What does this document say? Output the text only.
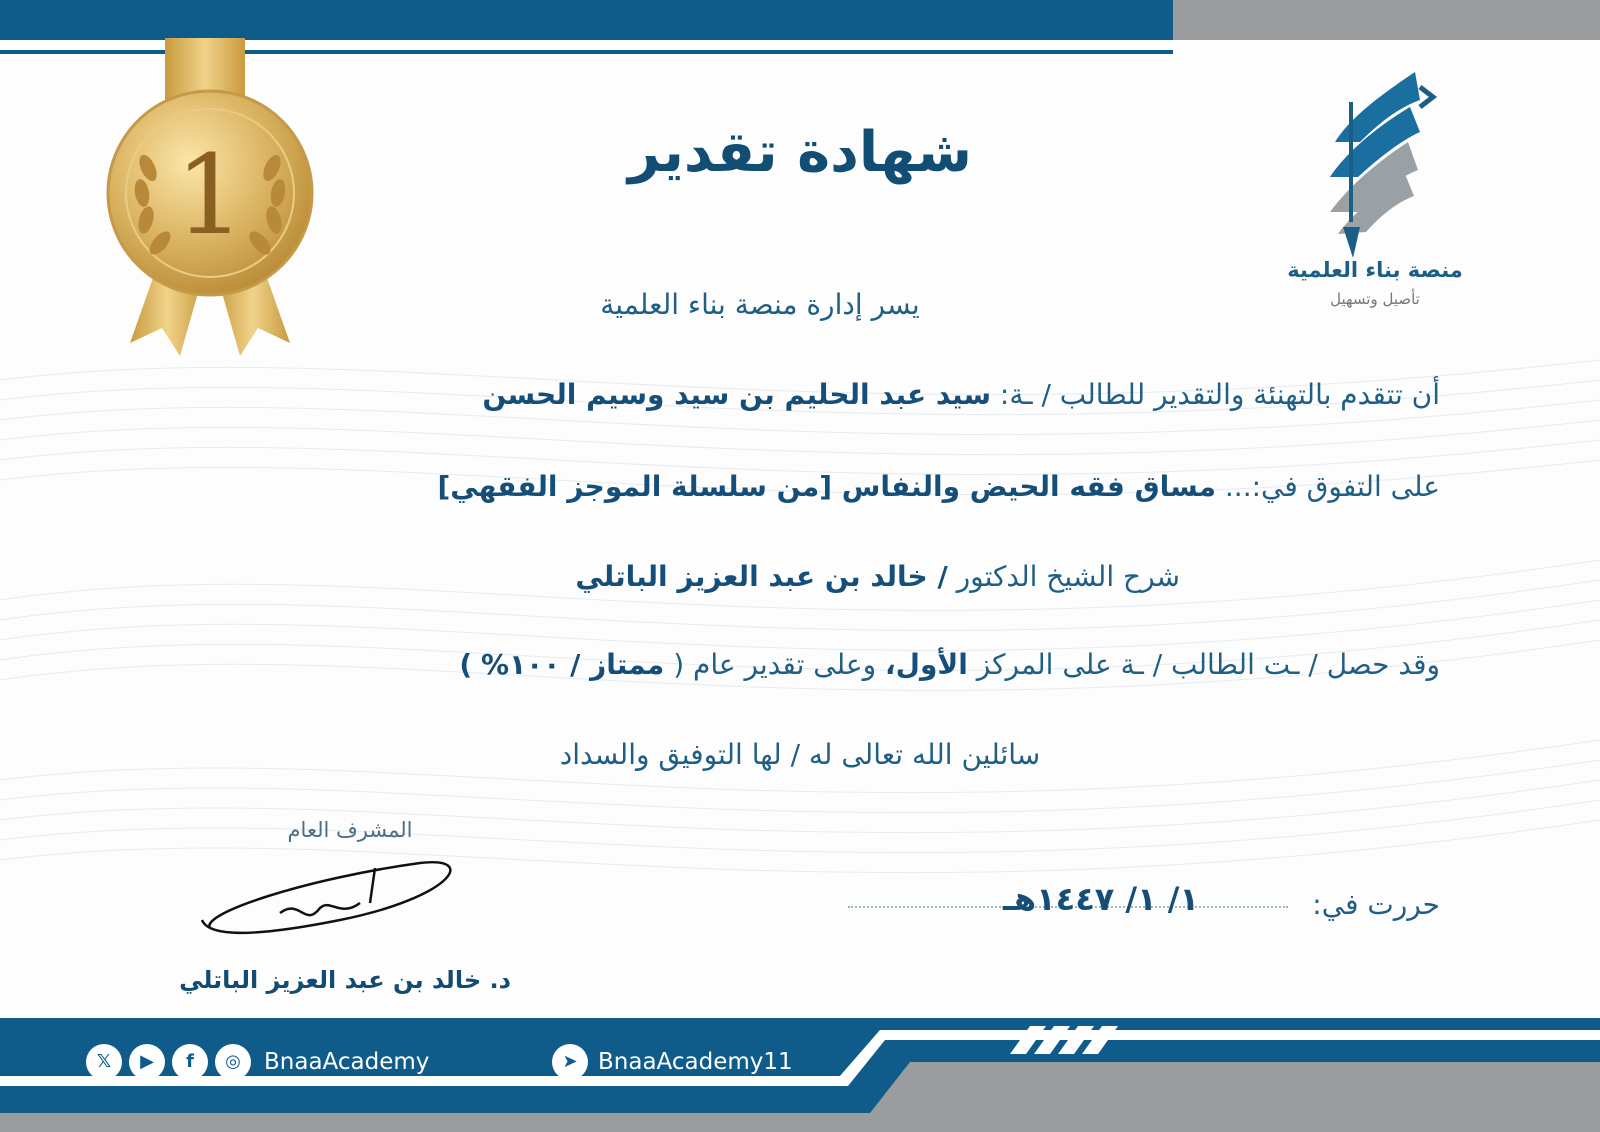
منصة بناء العلمية
تأصيل وتسهيل
1	شهادة تقدير
يسر إدارة منصة بناء العلمية
أن تتقدم بالتهنئة والتقدير للطالب / ـة: سيد عبد الحليم بن سيد وسيم الحسن
على التفوق في:... مساق فقه الحيض والنفاس [من سلسلة الموجز الفقهي]
شرح الشيخ الدكتور / خالد بن عبد العزيز الباتلي
وقد حصل / ـت الطالب / ـة على المركز الأول، وعلى تقدير عام ( ممتاز / ١٠٠% )
سائلين الله تعالى له / لها التوفيق والسداد
حررت في:
١/ ١/ ١٤٤٧هـ
المشرف العام
د. خالد بن عبد العزيز الباتلي
𝕏	▶	f	◎	BnaaAcademy	➤ BnaaAcademy11
